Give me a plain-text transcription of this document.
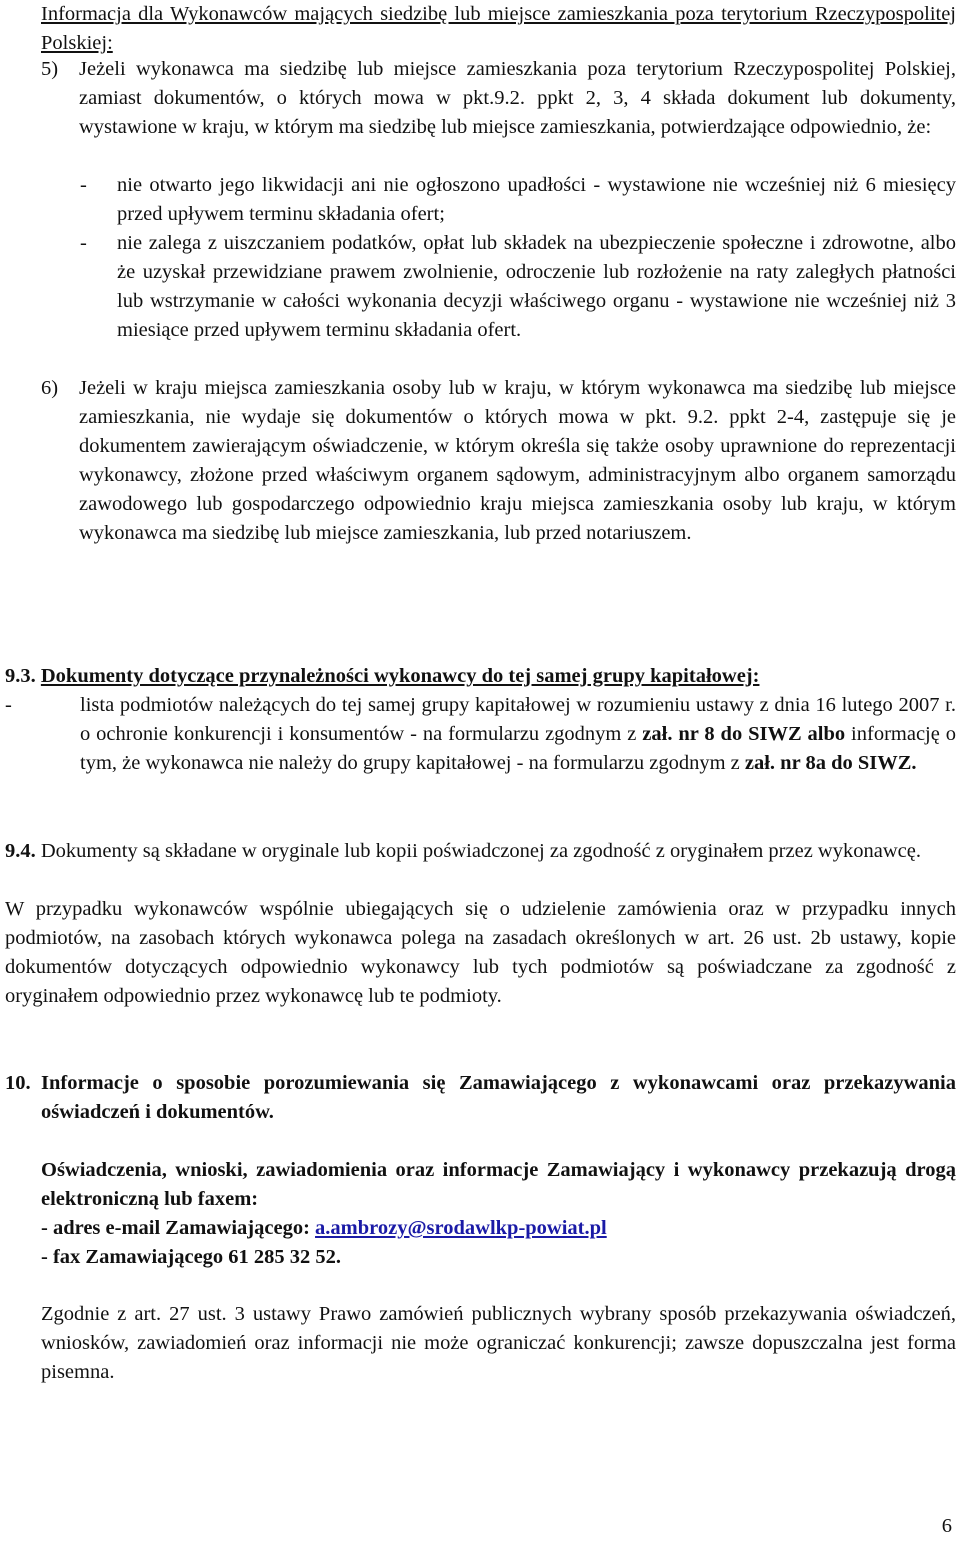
Informacja dla Wykonawców mających siedzibę lub miejsce zamieszkania poza terytorium Rzeczypospolitej Polskiej:

5)	Jeżeli wykonawca ma siedzibę lub miejsce zamieszkania poza terytorium Rzeczypospolitej Polskiej, zamiast dokumentów, o których mowa w pkt.9.2. ppkt 2, 3, 4 składa dokument lub dokumenty, wystawione w kraju, w którym ma siedzibę lub miejsce zamieszkania, potwierdzające odpowiednio, że:
-	nie otwarto jego likwidacji ani nie ogłoszono upadłości - wystawione nie wcześniej niż 6 miesięcy przed upływem terminu składania ofert;
-	nie zalega z uiszczaniem podatków, opłat lub składek na ubezpieczenie społeczne i zdrowotne, albo że uzyskał przewidziane prawem zwolnienie, odroczenie lub rozłożenie na raty zaległych płatności lub wstrzymanie w całości wykonania decyzji właściwego organu - wystawione nie wcześniej niż 3 miesiące przed upływem terminu składania ofert.
6)	Jeżeli w kraju miejsca zamieszkania osoby lub w kraju, w którym wykonawca ma siedzibę lub miejsce zamieszkania, nie wydaje się dokumentów o których mowa w pkt. 9.2. ppkt 2-4, zastępuje się je dokumentem zawierającym oświadczenie, w którym określa się także osoby uprawnione do reprezentacji wykonawcy, złożone przed właściwym organem sądowym, administracyjnym albo organem samorządu zawodowego lub gospodarczego odpowiednio kraju miejsca zamieszkania osoby lub kraju, w którym wykonawca ma siedzibę lub miejsce zamieszkania, lub przed notariuszem.

9.3. Dokumenty dotyczące przynależności wykonawcy do tej samej grupy kapitałowej:

-	lista podmiotów należących do tej samej grupy kapitałowej w rozumieniu ustawy z dnia 16 lutego 2007 r. o ochronie konkurencji i konsumentów - na formularzu zgodnym z zał. nr 8 do SIWZ albo informację o tym, że wykonawca nie należy do grupy kapitałowej - na formularzu zgodnym z zał. nr 8a do SIWZ.

9.4. Dokumenty są składane w oryginale lub kopii poświadczonej za zgodność z oryginałem przez wykonawcę.

W przypadku wykonawców wspólnie ubiegających się o udzielenie zamówienia oraz w przypadku innych podmiotów, na zasobach których wykonawca polega na zasadach określonych w art. 26 ust. 2b ustawy, kopie dokumentów dotyczących odpowiednio wykonawcy lub tych podmiotów są poświadczane za zgodność z oryginałem odpowiednio przez wykonawcę lub te podmioty.

10. Informacje o sposobie porozumiewania się Zamawiającego z wykonawcami oraz przekazywania oświadczeń i dokumentów.

Oświadczenia, wnioski, zawiadomienia oraz informacje Zamawiający i wykonawcy przekazują drogą elektroniczną lub faxem:

- adres e-mail Zamawiającego: a.ambrozy@srodawlkp-powiat.pl

- fax Zamawiającego 61 285 32 52.

Zgodnie z art. 27 ust. 3 ustawy Prawo zamówień publicznych wybrany sposób przekazywania oświadczeń, wniosków, zawiadomień oraz informacji nie może ograniczać konkurencji; zawsze dopuszczalna jest forma pisemna.

6
